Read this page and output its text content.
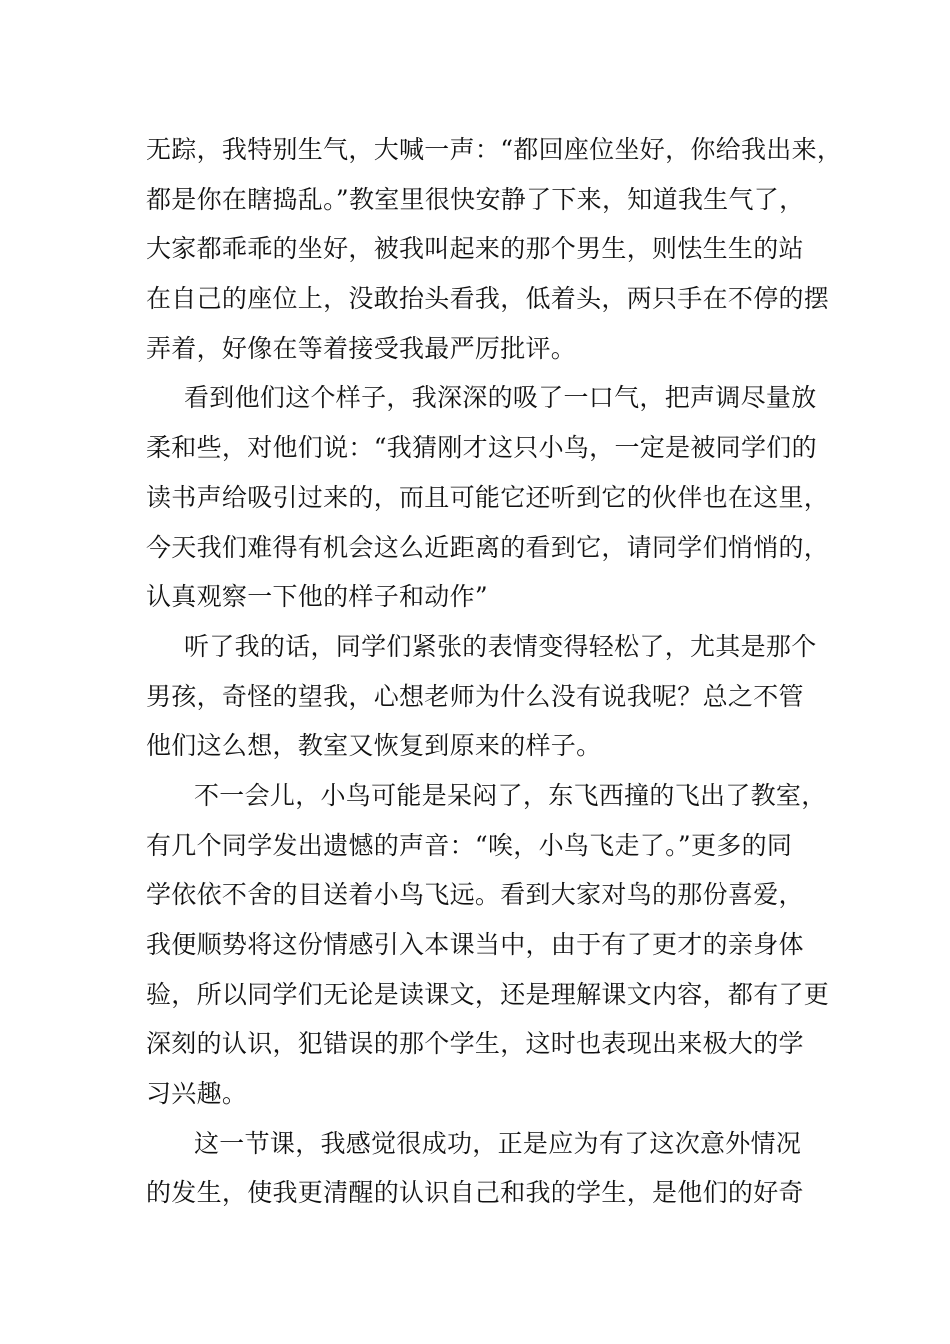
无踪，我特别生气，大喊一声：“都回座位坐好，你给我出来，
都是你在瞎捣乱。”教室里很快安静了下来，知道我生气了，
大家都乖乖的坐好，被我叫起来的那个男生，则怯生生的站
在自己的座位上，没敢抬头看我，低着头，两只手在不停的摆
弄着，好像在等着接受我最严厉批评。
看到他们这个样子，我深深的吸了一口气，把声调尽量放
柔和些，对他们说：“我猜刚才这只小鸟，一定是被同学们的
读书声给吸引过来的，而且可能它还听到它的伙伴也在这里，
今天我们难得有机会这么近距离的看到它，请同学们悄悄的，
认真观察一下他的样子和动作”
听了我的话，同学们紧张的表情变得轻松了，尤其是那个
男孩，奇怪的望我，心想老师为什么没有说我呢？总之不管
他们这么想，教室又恢复到原来的样子。
不一会儿，小鸟可能是呆闷了，东飞西撞的飞出了教室，
有几个同学发出遗憾的声音：“唉，小鸟飞走了。”更多的同
学依依不舍的目送着小鸟飞远。看到大家对鸟的那份喜爱，
我便顺势将这份情感引入本课当中，由于有了更才的亲身体
验，所以同学们无论是读课文，还是理解课文内容，都有了更
深刻的认识，犯错误的那个学生，这时也表现出来极大的学
习兴趣。
这一节课，我感觉很成功，正是应为有了这次意外情况
的发生，使我更清醒的认识自己和我的学生，是他们的好奇
